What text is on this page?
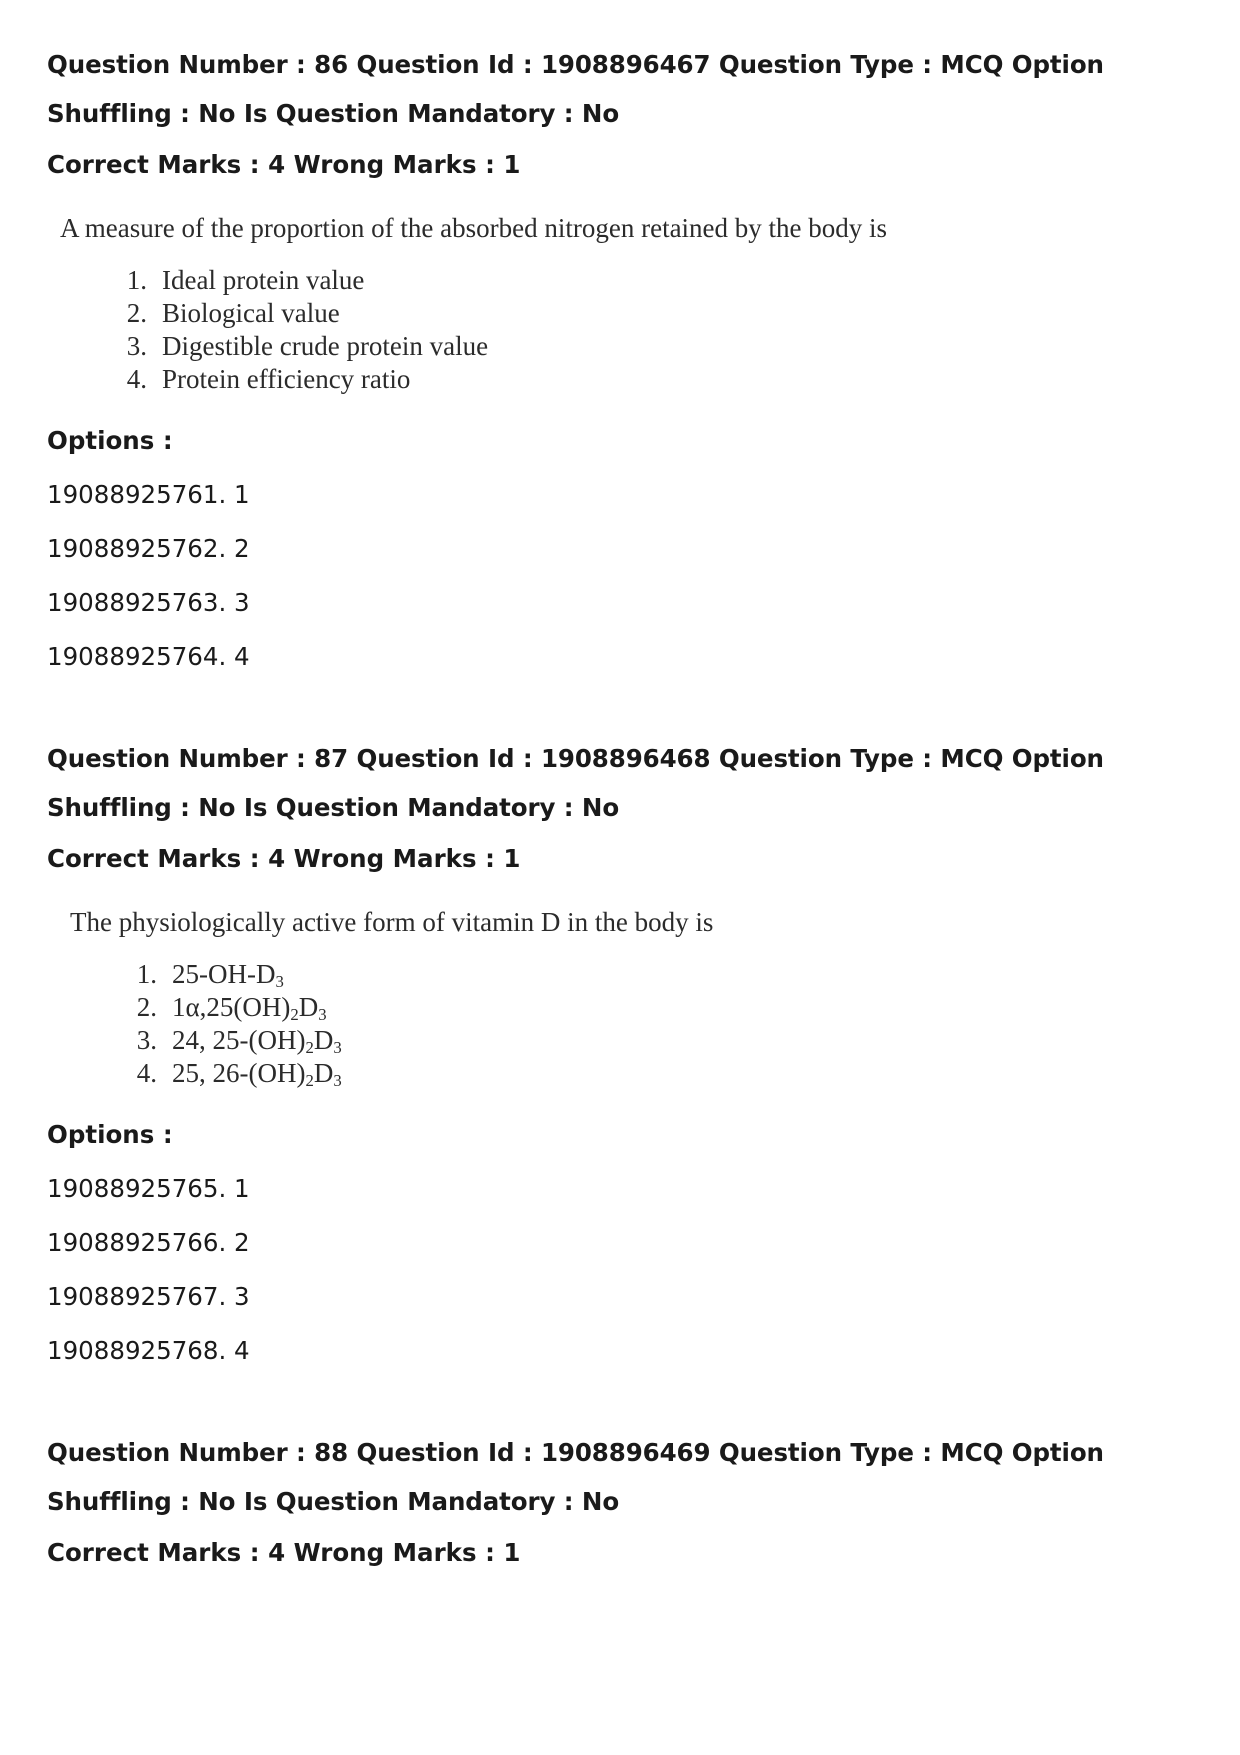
Question Number : 86 Question Id : 1908896467 Question Type : MCQ Option Shuffling : No Is Question Mandatory : No

Correct Marks : 4 Wrong Marks : 1
A measure of the proportion of the absorbed nitrogen retained by the body is
1. Ideal protein value
2. Biological value
3. Digestible crude protein value
4. Protein efficiency ratio
Options :
19088925761. 1
19088925762. 2
19088925763. 3
19088925764. 4

Question Number : 87 Question Id : 1908896468 Question Type : MCQ Option Shuffling : No Is Question Mandatory : No

Correct Marks : 4 Wrong Marks : 1
The physiologically active form of vitamin D in the body is
1. $25-OH-D_3$
2. $1\alpha,25(OH)_2D_3$
3. 24, $25-(OH)_2D_3$
4. 25, $26-(OH)_2D_3$
Options :
19088925765. 1
19088925766. 2
19088925767. 3
19088925768. 4

Question Number : 88 Question Id : 1908896469 Question Type : MCQ Option Shuffling : No Is Question Mandatory : No

Correct Marks : 4 Wrong Marks : 1
